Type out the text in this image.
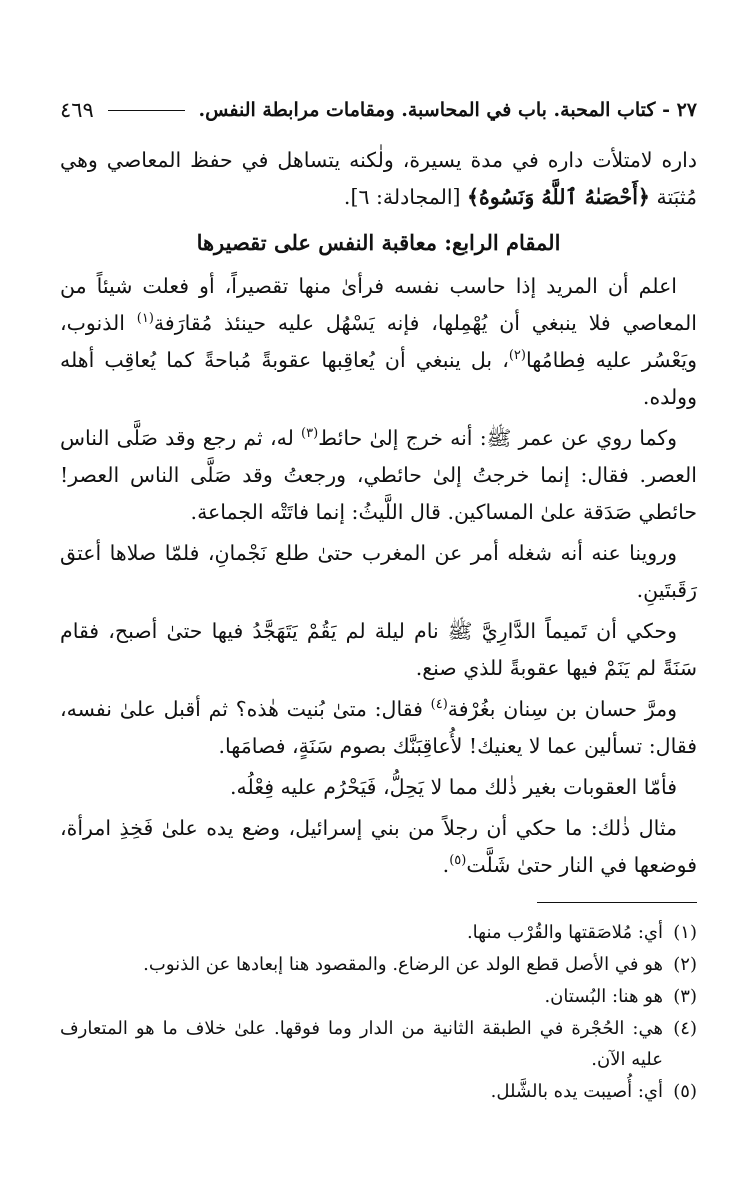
٢٧ - كتاب المحبة. باب في المحاسبة. ومقامات مرابطة النفس.
٤٦٩

داره لامتلأت داره في مدة يسيرة، ولٰكنه يتساهل في حفظ المعاصي وهي مُثبَتة ﴿أَحْصَىٰهُ ٱللَّهُ وَنَسُوهُ﴾ [المجادلة: ٦].

المقام الرابع: معاقبة النفس على تقصيرها

اعلم أن المريد إذا حاسب نفسه فرأىٰ منها تقصيراً، أو فعلت شيئاً من المعاصي فلا ينبغي أن يُهْمِلها، فإنه يَسْهُل عليه حينئذ مُقارَفة$^{(١)}$ الذنوب، ويَعْسُر عليه فِطامُها$^{(٢)}$، بل ينبغي أن يُعاقِبها عقوبةً مُباحةً كما يُعاقِب أهله وولده.

وكما روي عن عمر ﷺ: أنه خرج إلىٰ حائط$^{(٣)}$ له، ثم رجع وقد صَلَّى الناس العصر. فقال: إنما خرجتُ إلىٰ حائطي، ورجعتُ وقد صَلَّى الناس العصر! حائطي صَدَقة علىٰ المساكين. قال اللَّيثُ: إنما فاتَتْه الجماعة.

وروينا عنه أنه شغله أمر عن المغرب حتىٰ طلع نَجْمانِ، فلمّا صلاها أعتق رَقَبتَينِ.

وحكي أن تَميماً الدَّارِيَّ ﷺ نام ليلة لم يَقُمْ يَتَهَجَّدُ فيها حتىٰ أصبح، فقام سَنَةً لم يَنَمْ فيها عقوبةً للذي صنع.

ومرَّ حسان بن سِنان بغُرْفة$^{(٤)}$ فقال: متىٰ بُنيت هٰذه؟ ثم أقبل علىٰ نفسه، فقال: تسألين عما لا يعنيك! لأُعاقِبَنَّك بصوم سَنَةٍ، فصامَها.

فأمّا العقوبات بغير ذٰلك مما لا يَحِلُّ، فَيَحْرُم عليه فِعْلُه.

مثال ذٰلك: ما حكي أن رجلاً من بني إسرائيل، وضع يده علىٰ فَخِذِ امرأة، فوضعها في النار حتىٰ شَلَّت$^{(٥)}$.

(١)
أي: مُلاصَقتها والقُرْب منها.
(٢)
هو في الأصل قطع الولد عن الرضاع. والمقصود هنا إبعادها عن الذنوب.
(٣)
هو هنا: البُستان.
(٤)
هي: الحُجْرة في الطبقة الثانية من الدار وما فوقها. علىٰ خلاف ما هو المتعارف عليه الآن.
(٥)
أي: أُصيبت يده بالشَّلل.
